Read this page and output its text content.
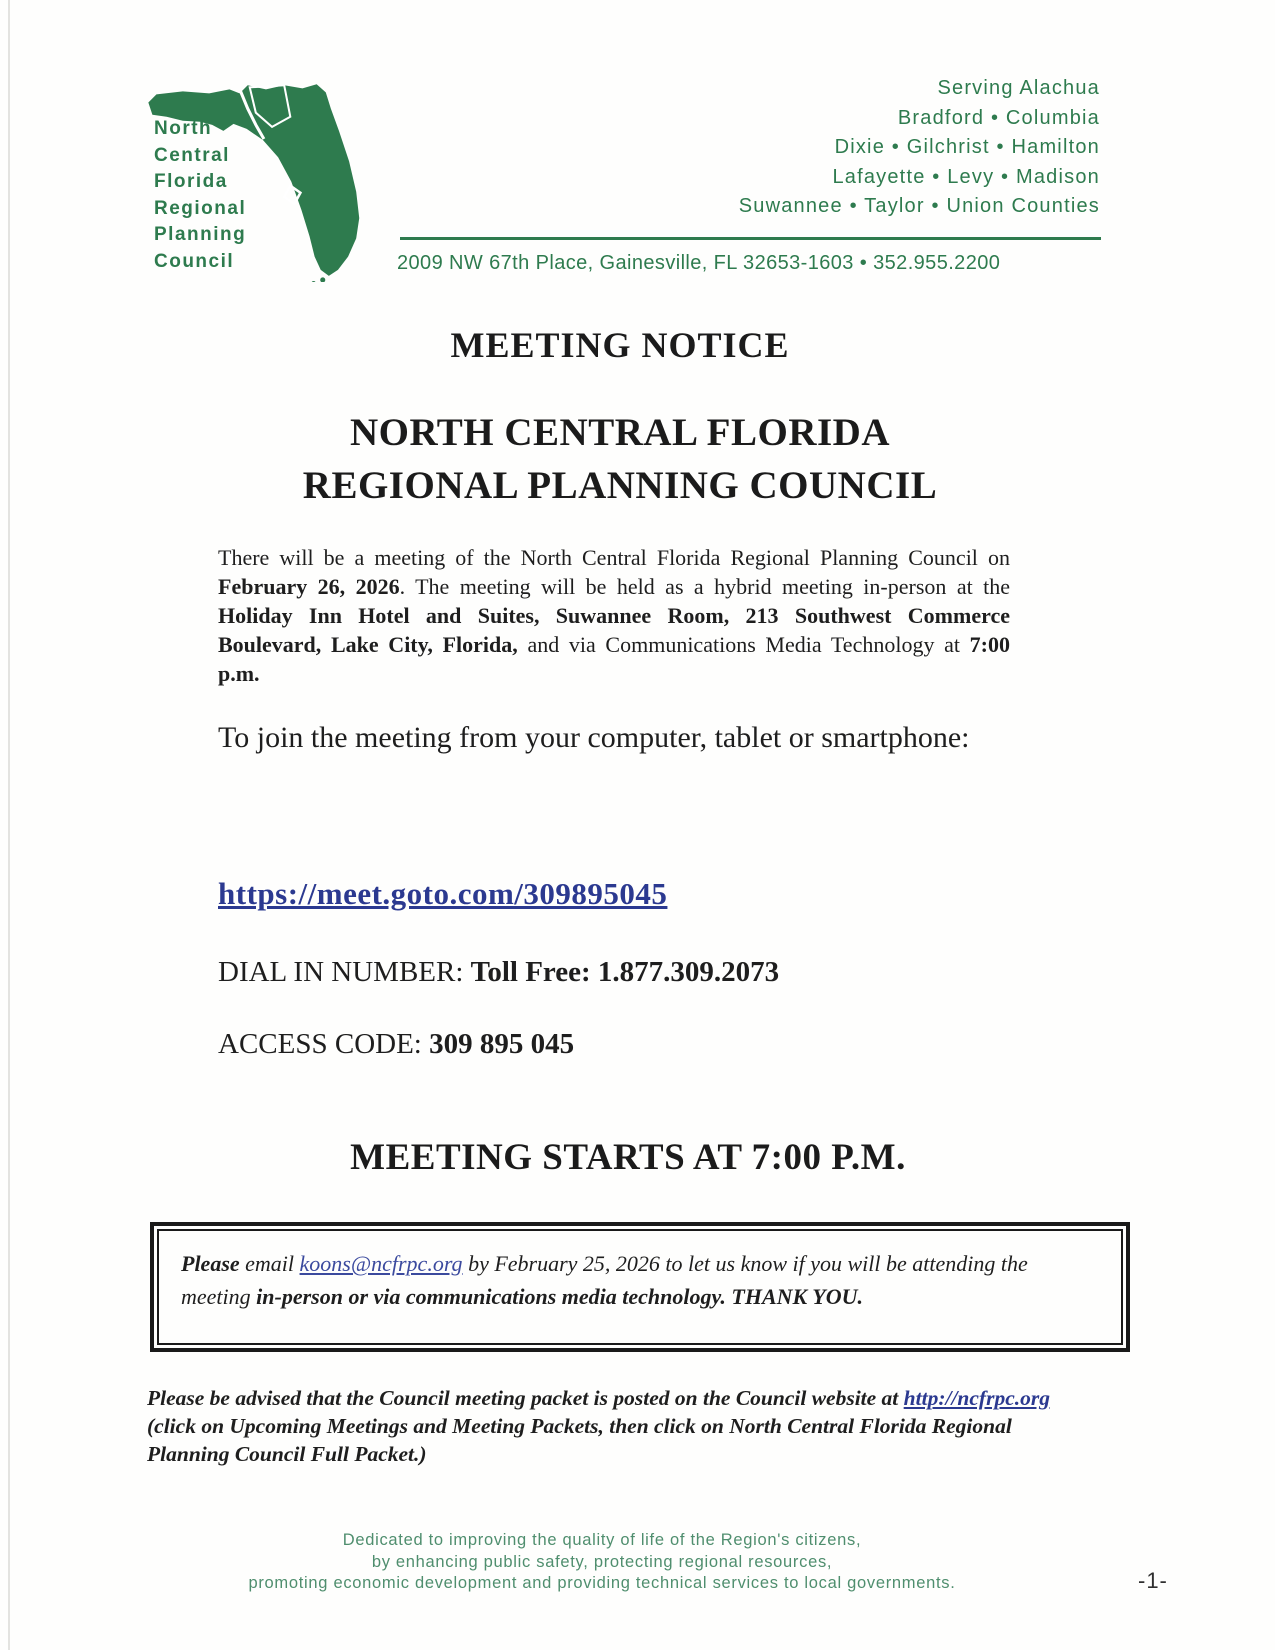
North
Central
Florida
Regional
Planning
Council
Serving Alachua
Bradford • Columbia
Dixie • Gilchrist • Hamilton
Lafayette • Levy • Madison
Suwannee • Taylor • Union Counties
2009 NW 67th Place, Gainesville, FL 32653-1603 • 352.955.2200
MEETING NOTICE
NORTH CENTRAL FLORIDA
REGIONAL PLANNING COUNCIL

There will be a meeting of the North Central Florida Regional Planning Council on February 26, 2026. The meeting will be held as a hybrid meeting in-person at the Holiday Inn Hotel and Suites, Suwannee Room, 213 Southwest Commerce Boulevard, Lake City, Florida, and via Communications Media Technology at 7:00 p.m.

To join the meeting from your computer, tablet or smartphone:

https://meet.goto.com/309895045

DIAL IN NUMBER: Toll Free: 1.877.309.2073

ACCESS CODE: 309 895 045

MEETING STARTS AT 7:00 P.M.

Please email koons@ncfrpc.org by February 25, 2026 to let us know if you will be attending the meeting in-person or via communications media technology. THANK YOU.

Please be advised that the Council meeting packet is posted on the Council website at http://ncfrpc.org (click on Upcoming Meetings and Meeting Packets, then click on North Central Florida Regional Planning Council Full Packet.)

Dedicated to improving the quality of life of the Region's citizens,
by enhancing public safety, protecting regional resources,
promoting economic development and providing technical services to local governments.	-1-
